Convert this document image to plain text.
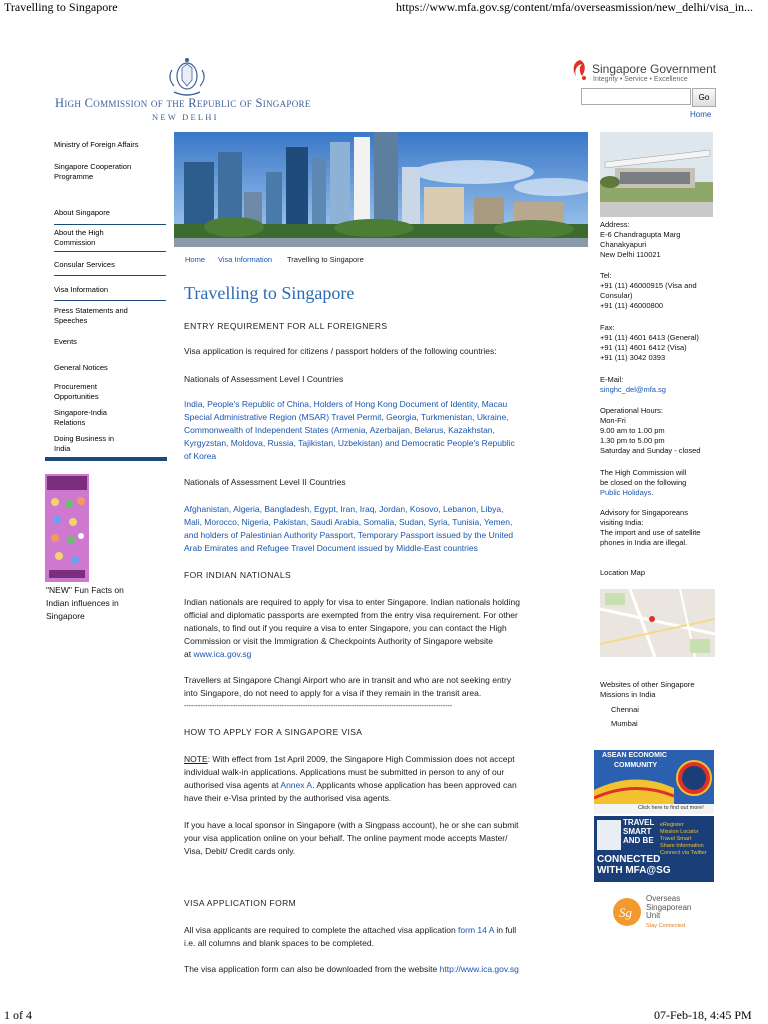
Travelling to Singapore	https://www.mfa.gov.sg/content/mfa/overseasmission/new_delhi/visa_in...
High Commission of the Republic of Singapore
NEW DELHI
Singapore Government
Integrity • Service • Excellence
Go
Home
Ministry of Foreign Affairs
Singapore Cooperation Programme
About Singapore
About the High Commission
Consular Services
Visa Information
Press Statements and Speeches
Events
General Notices
Procurement Opportunities
Singapore-India Relations
Doing Business in India
"NEW" Fun Facts on Indian influences in Singapore
Home Visa Information Travelling to Singapore
Travelling to Singapore
ENTRY REQUIREMENT FOR ALL FOREIGNERS
Visa application is required for citizens / passport holders of the following countries:
Nationals of Assessment Level I Countries
India, People's Republic of China, Holders of Hong Kong Document of Identity, Macau
Special Administrative Region (MSAR) Travel Permit, Georgia, Turkmenistan, Ukraine,
Commonwealth of Independent States (Armenia, Azerbaijan, Belarus, Kazakhstan,
Kyrgyzstan, Moldova, Russia, Tajikistan, Uzbekistan) and Democratic People's Republic
of Korea
Nationals of Assessment Level II Countries
Afghanistan, Algeria, Bangladesh, Egypt, Iran, Iraq, Jordan, Kosovo, Lebanon, Libya,
Mali, Morocco, Nigeria, Pakistan, Saudi Arabia, Somalia, Sudan, Syria, Tunisia, Yemen,
and holders of Palestinian Authority Passport, Temporary Passport issued by the United
Arab Emirates and Refugee Travel Document issued by Middle-East countries
FOR INDIAN NATIONALS
Indian nationals are required to apply for visa to enter Singapore. Indian nationals holding
official and diplomatic passports are exempted from the entry visa requirement. For other
nationals, to find out if you require a visa to enter Singapore, you can contact the High
Commission or visit the Immigration & Checkpoints Authority of Singapore website
at www.ica.gov.sg
Travellers at Singapore Changi Airport who are in transit and who are not seeking entry
into Singapore, do not need to apply for a visa if they remain in the transit area.
-------------------------------------------------------------------------------------------------------------------
HOW TO APPLY FOR A SINGAPORE VISA
NOTE: With effect from 1st April 2009, the Singapore High Commission does not accept
individual walk-in applications. Applications must be submitted in person to any of our
authorised visa agents at Annex A. Applicants whose application has been approved can
have their e-Visa printed by the authorised visa agents.
If you have a local sponsor in Singapore (with a Singpass account), he or she can submit
your visa application online on your behalf. The online payment mode accepts Master/
Visa, Debit/ Credit cards only.
VISA APPLICATION FORM
All visa applicants are required to complete the attached visa application form 14 A in full
i.e. all columns and blank spaces to be completed.
The visa application form can also be downloaded from the website http://www.ica.gov.sg
Address:
E-6 Chandragupta Marg
Chanakyapuri
New Delhi 110021
Tel:
+91 (11) 46000915 (Visa and
Consular)
+91 (11) 46000800
Fax:
+91 (11) 4601 6413 (General)
+91 (11) 4601 6412 (Visa)
+91 (11) 3042 0393
E-Mail:
singhc_del@mfa.sg
Operational Hours:
Mon-Fri
9.00 am to 1.00 pm
1.30 pm to 5.00 pm
Saturday and Sunday - closed
The High Commission will
be closed on the following
Public Holidays.
Advisory for Singaporeans
visiting India:
The import and use of satellite
phones in India are illegal.
Location Map
Websites of other Singapore
Missions in India
Chennai
Mumbai
ASEAN ECONOMIC
COMMUNITY
Click here to find out more!
TRAVEL
SMART
AND BE
CONNECTED
WITH MFA@SG
eRegister
Mission Locator
Travel Smart
Share Information
Connect via Twitter
Sg
Overseas
Singaporean
Unit
Stay Connected
1 of 4	07-Feb-18, 4:45 PM
